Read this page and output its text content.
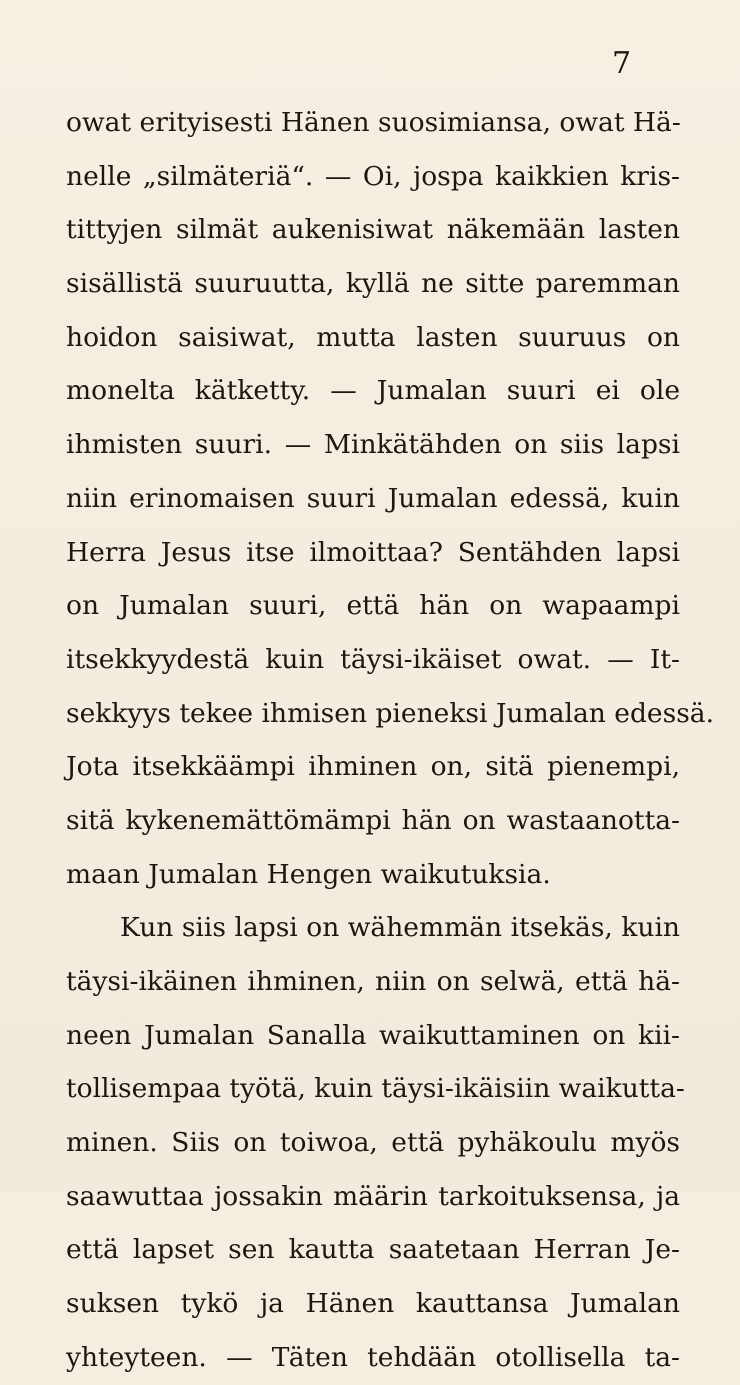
7
owat erityisesti Hänen suosimiansa, owat Hä-
nelle „silmäteriä“. — Oi, jospa kaikkien kris-
tittyjen silmät aukenisiwat näkemään lasten
sisällistä suuruutta, kyllä ne sitte paremman
hoidon saisiwat, mutta lasten suuruus on
monelta kätketty. — Jumalan suuri ei ole
ihmisten suuri. — Minkätähden on siis lapsi
niin erinomaisen suuri Jumalan edessä, kuin
Herra Jesus itse ilmoittaa? Sentähden lapsi
on Jumalan suuri, että hän on wapaampi
itsekkyydestä kuin täysi-ikäiset owat. — It-
sekkyys tekee ihmisen pieneksi Jumalan edessä.
Jota itsekkäämpi ihminen on, sitä pienempi,
sitä kykenemättömämpi hän on wastaanotta-
maan Jumalan Hengen waikutuksia.
Kun siis lapsi on wähemmän itsekäs, kuin
täysi-ikäinen ihminen, niin on selwä, että hä-
neen Jumalan Sanalla waikuttaminen on kii-
tollisempaa työtä, kuin täysi-ikäisiin waikutta-
minen. Siis on toiwoa, että pyhäkoulu myös
saawuttaa jossakin määrin tarkoituksensa, ja
että lapset sen kautta saatetaan Herran Je-
suksen tykö ja Hänen kauttansa Jumalan
yhteyteen. — Täten tehdään otollisella ta-
